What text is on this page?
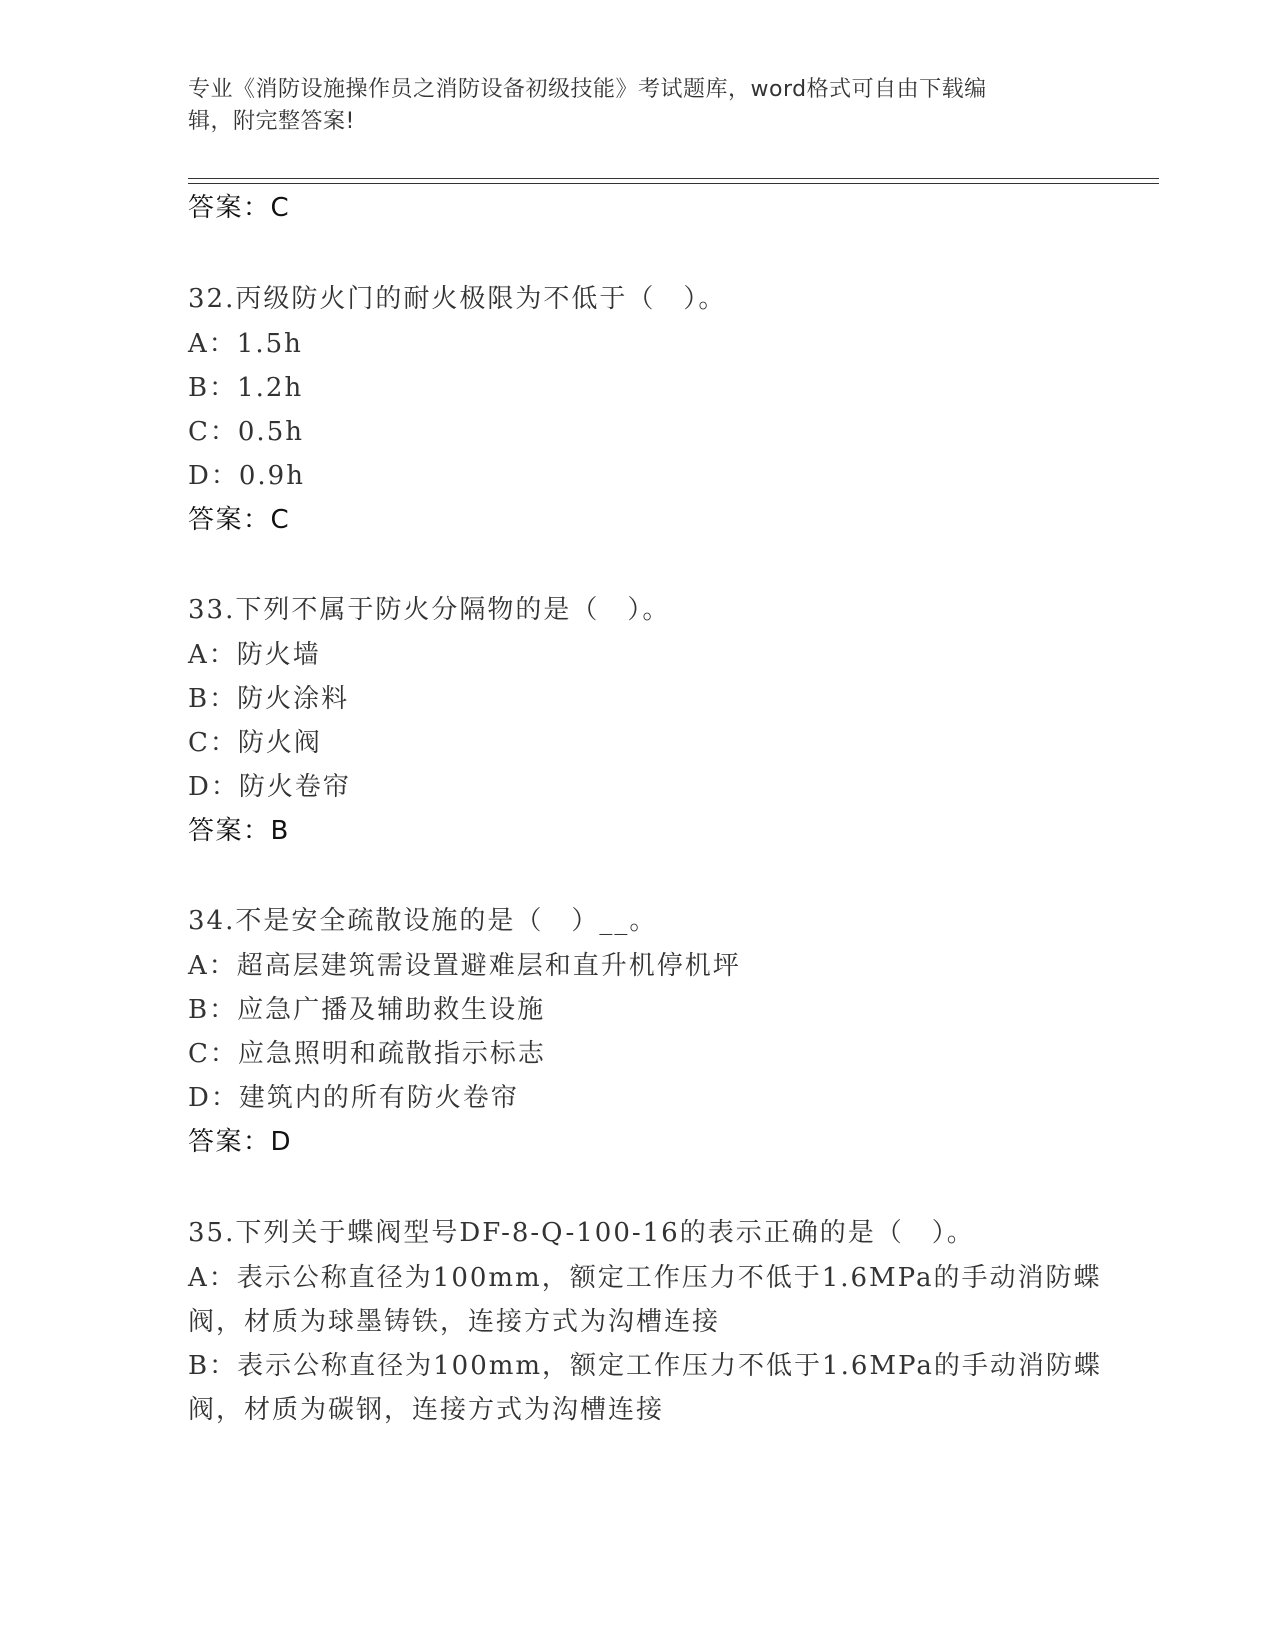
专业《消防设施操作员之消防设备初级技能》考试题库，word格式可自由下载编
辑，附完整答案!
答案：C
32.丙级防火门的耐火极限为不低于（　）。
A：1.5h
B：1.2h
C：0.5h
D：0.9h
答案：C
33.下列不属于防火分隔物的是（　）。
A：防火墙
B：防火涂料
C：防火阀
D：防火卷帘
答案：B
34.不是安全疏散设施的是（　）__。
A：超高层建筑需设置避难层和直升机停机坪
B：应急广播及辅助救生设施
C：应急照明和疏散指示标志
D：建筑内的所有防火卷帘
答案：D
35.下列关于蝶阀型号DF-8-Q-100-16的表示正确的是（　）。
A：表示公称直径为100mm，额定工作压力不低于1.6MPa的手动消防蝶
阀，材质为球墨铸铁，连接方式为沟槽连接
B：表示公称直径为100mm，额定工作压力不低于1.6MPa的手动消防蝶
阀，材质为碳钢，连接方式为沟槽连接
